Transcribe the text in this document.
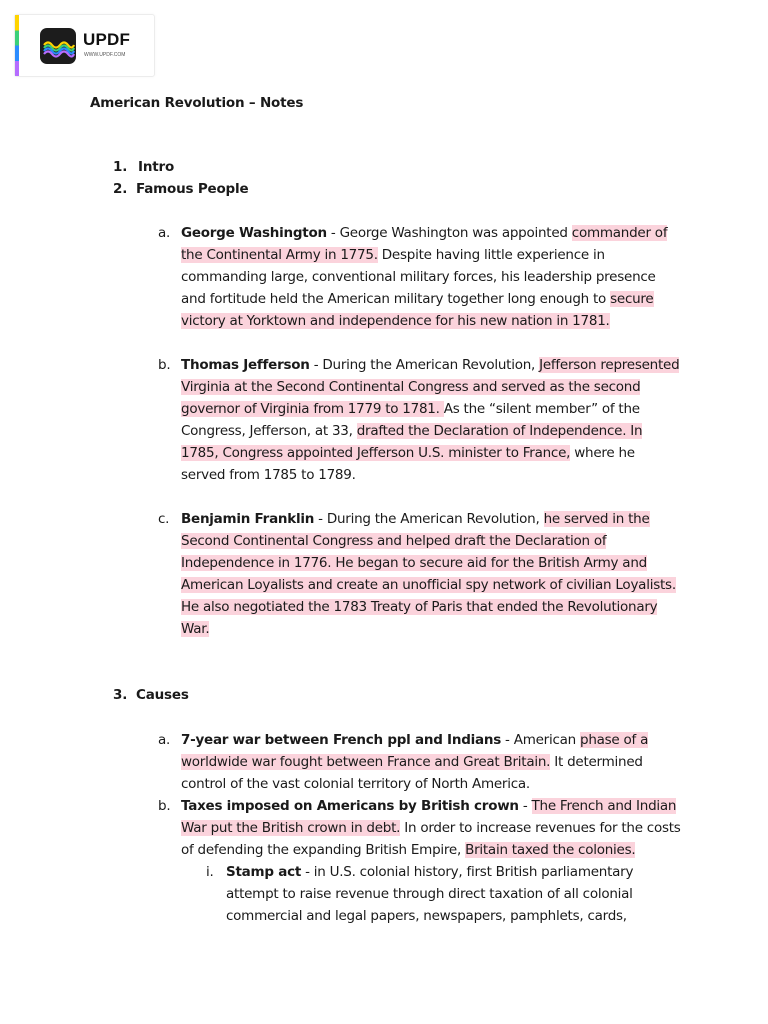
UPDF
WWW.UPDF.COM
American Revolution – Notes
1. Intro
2. Famous People
a. George Washington - George Washington was appointed commander of the Continental Army in 1775. Despite having little experience in commanding large, conventional military forces, his leadership presence and fortitude held the American military together long enough to secure victory at Yorktown and independence for his new nation in 1781.
b. Thomas Jefferson - During the American Revolution, Jefferson represented Virginia at the Second Continental Congress and served as the second governor of Virginia from 1779 to 1781. As the “silent member” of the Congress, Jefferson, at 33, drafted the Declaration of Independence. In 1785, Congress appointed Jefferson U.S. minister to France, where he served from 1785 to 1789.
c. Benjamin Franklin - During the American Revolution, he served in the Second Continental Congress and helped draft the Declaration of Independence in 1776. He began to secure aid for the British Army and American Loyalists and create an unofficial spy network of civilian Loyalists. He also negotiated the 1783 Treaty of Paris that ended the Revolutionary War.
3. Causes
a. 7-year war between French ppl and Indians - American phase of a worldwide war fought between France and Great Britain. It determined control of the vast colonial territory of North America.
b. Taxes imposed on Americans by British crown - The French and Indian War put the British crown in debt. In order to increase revenues for the costs of defending the expanding British Empire, Britain taxed the colonies.
i. Stamp act - in U.S. colonial history, first British parliamentary attempt to raise revenue through direct taxation of all colonial commercial and legal papers, newspapers, pamphlets, cards,
